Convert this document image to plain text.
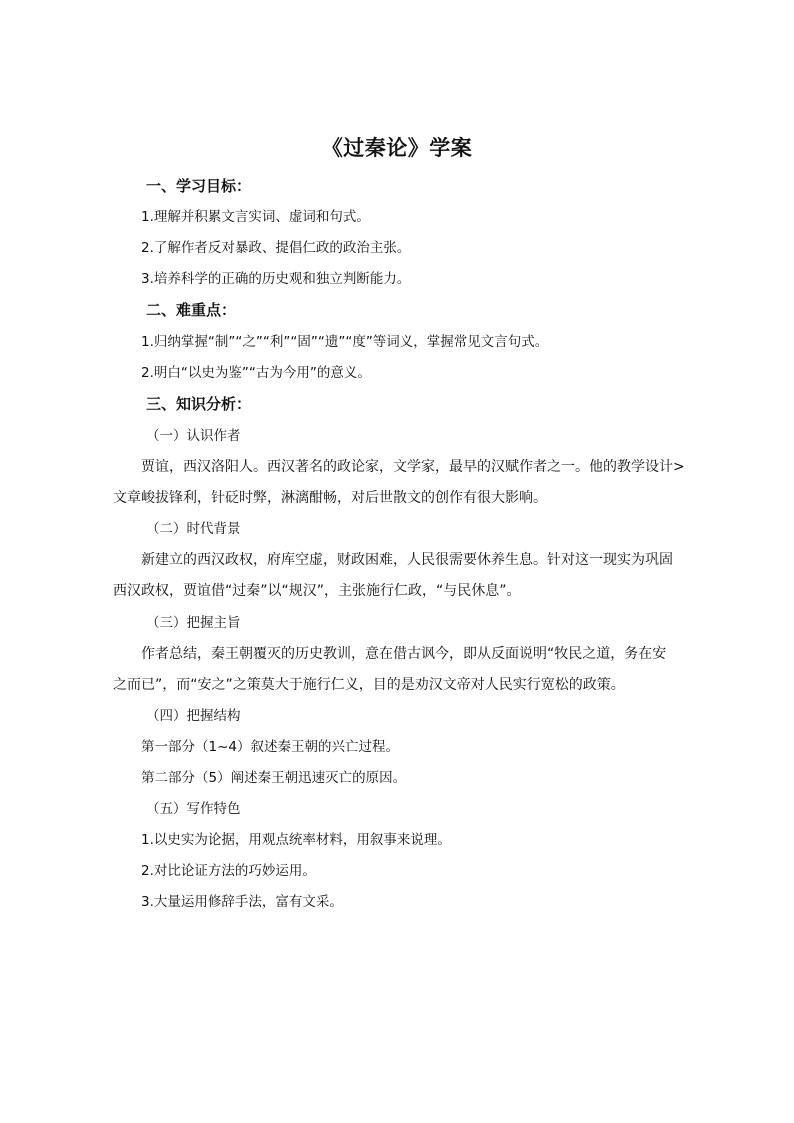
《过秦论》学案
一、学习目标：
1.理解并积累文言实词、虚词和句式。
2.了解作者反对暴政、提倡仁政的政治主张。
3.培养科学的正确的历史观和独立判断能力。
二、难重点：
1.归纳掌握“制”“之”“利”“固”“遗”“度”等词义，掌握常见文言句式。
2.明白“以史为鉴”“古为今用”的意义。
三、知识分析：
（一）认识作者
贾谊，西汉洛阳人。西汉著名的政论家，文学家，最早的汉赋作者之一。他的教学设计>
文章峻拔锋利，针砭时弊，淋漓酣畅，对后世散文的创作有很大影响。
（二）时代背景
新建立的西汉政权，府库空虚，财政困难，人民很需要休养生息。针对这一现实为巩固
西汉政权，贾谊借“过秦”以“规汉”，主张施行仁政，“与民休息”。
（三）把握主旨
作者总结，秦王朝覆灭的历史教训，意在借古讽今，即从反面说明“牧民之道，务在安
之而已”，而“安之”之策莫大于施行仁义，目的是劝汉文帝对人民实行宽松的政策。
（四）把握结构
第一部分（1~4）叙述秦王朝的兴亡过程。
第二部分（5）阐述秦王朝迅速灭亡的原因。
（五）写作特色
1.以史实为论据，用观点统率材料，用叙事来说理。
2.对比论证方法的巧妙运用。
3.大量运用修辞手法，富有文采。
